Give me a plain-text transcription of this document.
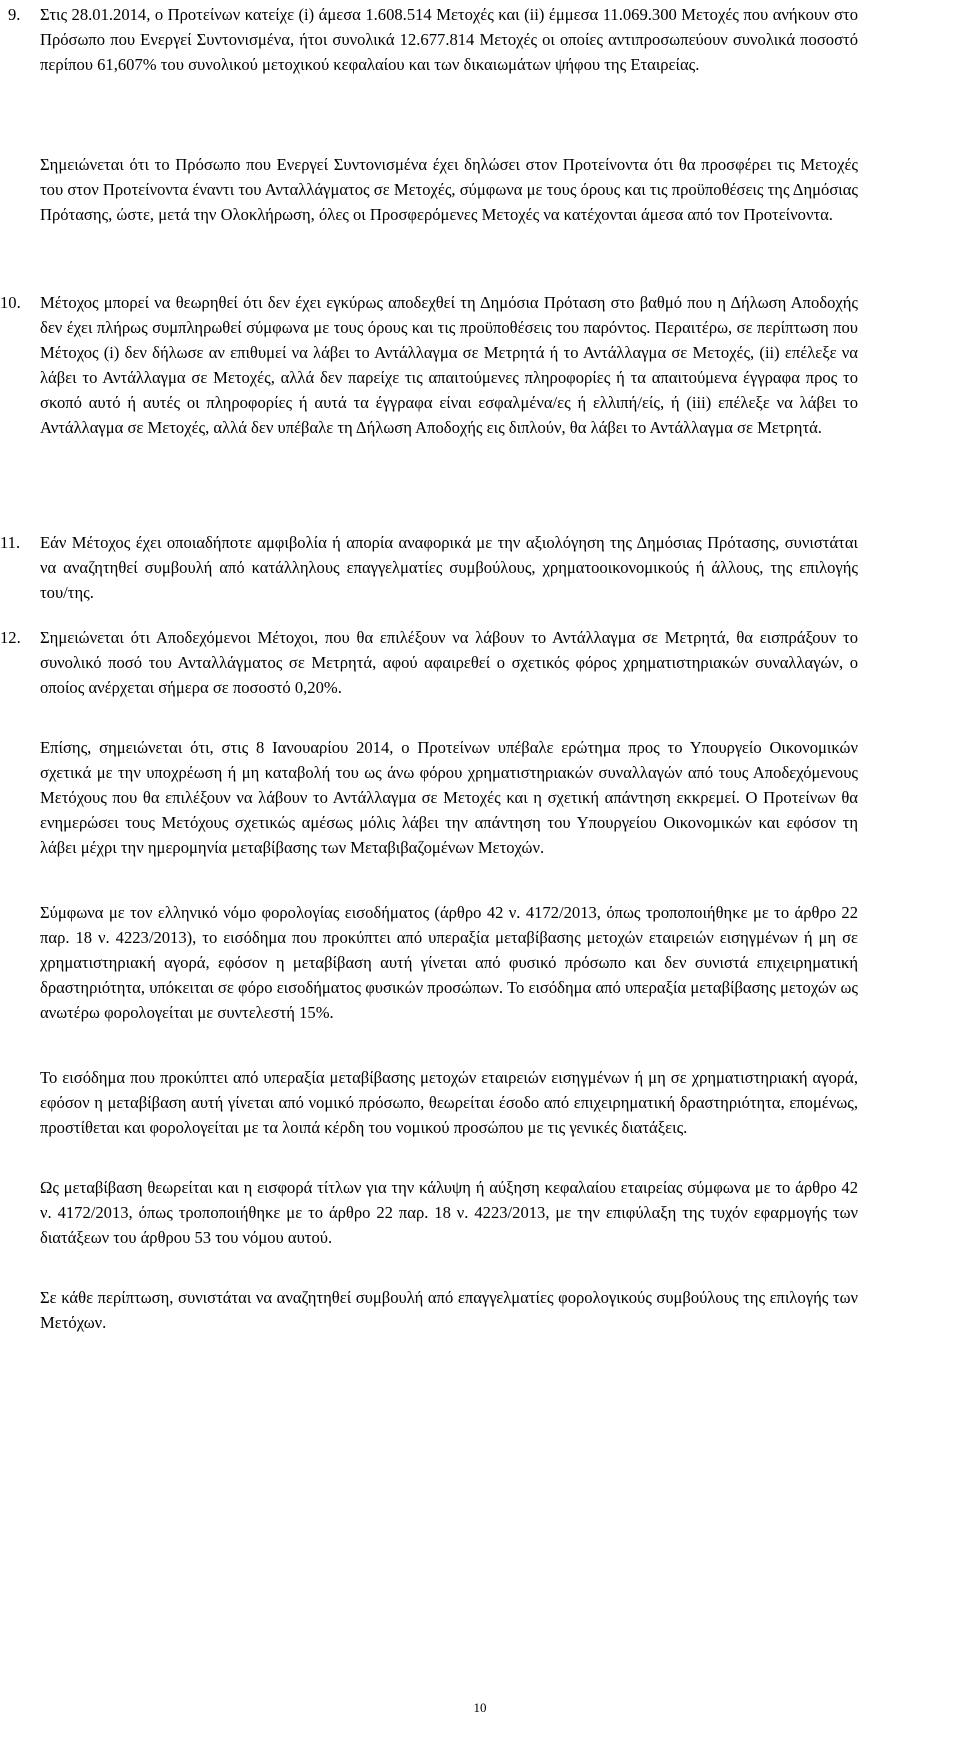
9. Στις 28.01.2014, ο Προτείνων κατείχε (i) άμεσα 1.608.514 Μετοχές και (ii) έμμεσα 11.069.300 Μετοχές που ανήκουν στο Πρόσωπο που Ενεργεί Συντονισμένα, ήτοι συνολικά 12.677.814 Μετοχές οι οποίες αντιπροσωπεύουν συνολικά ποσοστό περίπου 61,607% του συνολικού μετοχικού κεφαλαίου και των δικαιωμάτων ψήφου της Εταιρείας.
Σημειώνεται ότι το Πρόσωπο που Ενεργεί Συντονισμένα έχει δηλώσει στον Προτείνοντα ότι θα προσφέρει τις Μετοχές του στον Προτείνοντα έναντι του Ανταλλάγματος σε Μετοχές, σύμφωνα με τους όρους και τις προϋποθέσεις της Δημόσιας Πρότασης, ώστε, μετά την Ολοκλήρωση, όλες οι Προσφερόμενες Μετοχές να κατέχονται άμεσα από τον Προτείνοντα.
10. Μέτοχος μπορεί να θεωρηθεί ότι δεν έχει εγκύρως αποδεχθεί τη Δημόσια Πρόταση στο βαθμό που η Δήλωση Αποδοχής δεν έχει πλήρως συμπληρωθεί σύμφωνα με τους όρους και τις προϋποθέσεις του παρόντος. Περαιτέρω, σε περίπτωση που Μέτοχος (i) δεν δήλωσε αν επιθυμεί να λάβει το Αντάλλαγμα σε Μετρητά ή το Αντάλλαγμα σε Μετοχές, (ii) επέλεξε να λάβει το Αντάλλαγμα σε Μετοχές, αλλά δεν παρείχε τις απαιτούμενες πληροφορίες ή τα απαιτούμενα έγγραφα προς το σκοπό αυτό ή αυτές οι πληροφορίες ή αυτά τα έγγραφα είναι εσφαλμένα/ες ή ελλιπή/είς, ή (iii) επέλεξε να λάβει το Αντάλλαγμα σε Μετοχές, αλλά δεν υπέβαλε τη Δήλωση Αποδοχής εις διπλούν, θα λάβει το Αντάλλαγμα σε Μετρητά.
11. Εάν Μέτοχος έχει οποιαδήποτε αμφιβολία ή απορία αναφορικά με την αξιολόγηση της Δημόσιας Πρότασης, συνιστάται να αναζητηθεί συμβουλή από κατάλληλους επαγγελματίες συμβούλους, χρηματοοικονομικούς ή άλλους, της επιλογής του/της.
12. Σημειώνεται ότι Αποδεχόμενοι Μέτοχοι, που θα επιλέξουν να λάβουν το Αντάλλαγμα σε Μετρητά, θα εισπράξουν το συνολικό ποσό του Ανταλλάγματος σε Μετρητά, αφού αφαιρεθεί ο σχετικός φόρος χρηματιστηριακών συναλλαγών, ο οποίος ανέρχεται σήμερα σε ποσοστό 0,20%.
Επίσης, σημειώνεται ότι, στις 8 Ιανουαρίου 2014, ο Προτείνων υπέβαλε ερώτημα προς το Υπουργείο Οικονομικών σχετικά με την υποχρέωση ή μη καταβολή του ως άνω φόρου χρηματιστηριακών συναλλαγών από τους Αποδεχόμενους Μετόχους που θα επιλέξουν να λάβουν το Αντάλλαγμα σε Μετοχές και η σχετική απάντηση εκκρεμεί. Ο Προτείνων θα ενημερώσει τους Μετόχους σχετικώς αμέσως μόλις λάβει την απάντηση του Υπουργείου Οικονομικών και εφόσον τη λάβει μέχρι την ημερομηνία μεταβίβασης των Μεταβιβαζομένων Μετοχών.
Σύμφωνα με τον ελληνικό νόμο φορολογίας εισοδήματος (άρθρο 42 ν. 4172/2013, όπως τροποποιήθηκε με το άρθρο 22 παρ. 18 ν. 4223/2013), το εισόδημα που προκύπτει από υπεραξία μεταβίβασης μετοχών εταιρειών εισηγμένων ή μη σε χρηματιστηριακή αγορά, εφόσον η μεταβίβαση αυτή γίνεται από φυσικό πρόσωπο και δεν συνιστά επιχειρηματική δραστηριότητα, υπόκειται σε φόρο εισοδήματος φυσικών προσώπων. Το εισόδημα από υπεραξία μεταβίβασης μετοχών ως ανωτέρω φορολογείται με συντελεστή 15%.
Το εισόδημα που προκύπτει από υπεραξία μεταβίβασης μετοχών εταιρειών εισηγμένων ή μη σε χρηματιστηριακή αγορά, εφόσον η μεταβίβαση αυτή γίνεται από νομικό πρόσωπο, θεωρείται έσοδο από επιχειρηματική δραστηριότητα, επομένως, προστίθεται και φορολογείται με τα λοιπά κέρδη του νομικού προσώπου με τις γενικές διατάξεις.
Ως μεταβίβαση θεωρείται και η εισφορά τίτλων για την κάλυψη ή αύξηση κεφαλαίου εταιρείας σύμφωνα με το άρθρο 42 ν. 4172/2013, όπως τροποποιήθηκε με το άρθρο 22 παρ. 18 ν. 4223/2013, με την επιφύλαξη της τυχόν εφαρμογής των διατάξεων του άρθρου 53 του νόμου αυτού.
Σε κάθε περίπτωση, συνιστάται να αναζητηθεί συμβουλή από επαγγελματίες φορολογικούς συμβούλους της επιλογής των Μετόχων.
10
